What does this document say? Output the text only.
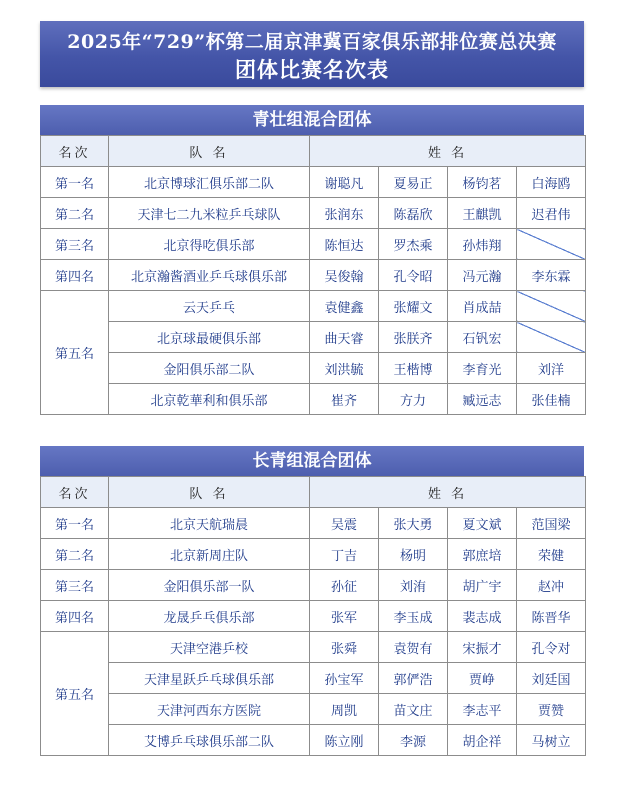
2025年“729”杯第二届京津冀百家俱乐部排位赛总决赛
团体比赛名次表
青壮组混合团体
名次	队 名	姓 名			
第一名	北京博球汇俱乐部二队	谢聪凡	夏易正	杨钧茗	白海鸥
第二名	天津七二九米粒乒乓球队	张润东	陈磊欣	王麒凯	迟君伟
第三名	北京得吃俱乐部	陈恒达	罗杰乘	孙炜翔	
第四名	北京瀚酱酒业乒乓球俱乐部	吴俊翰	孔令昭	冯元瀚	李东霖
第五名	云天乒乓	袁健鑫	张耀文	肖成喆	
	北京球最硬俱乐部	曲天睿	张朕齐	石钒宏	
	金阳俱乐部二队	刘洪毓	王楷博	李育光	刘洋
	北京乾華利和俱乐部	崔齐	方力	臧远志	张佳楠
长青组混合团体
名次	队 名	姓 名			
第一名	北京天航瑞晨	吴震	张大勇	夏文斌	范国梁
第二名	北京新周庄队	丁吉	杨明	郭庶培	荣健
第三名	金阳俱乐部一队	孙征	刘洧	胡广宇	赵冲
第四名	龙晟乒乓俱乐部	张军	李玉成	裴志成	陈晋华
第五名	天津空港乒校	张舜	袁贺有	宋振才	孔令对
	天津星跃乒乓球俱乐部	孙宝军	郭俨浩	贾峥	刘廷国
	天津河西东方医院	周凯	苗文庄	李志平	贾赞
	艾博乒乓球俱乐部二队	陈立刚	李源	胡企祥	马树立
